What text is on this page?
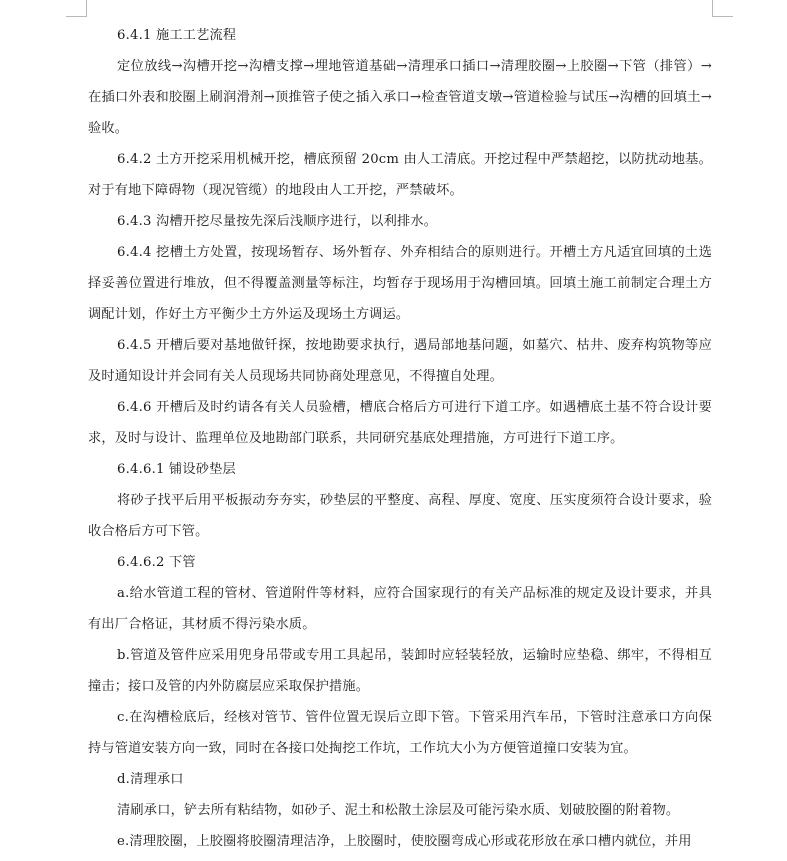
6.4.1 施工工艺流程

定位放线→沟槽开挖→沟槽支撑→埋地管道基础→清理承口插口→清理胶圈→上胶圈→下管（排管）→在插口外表和胶圈上刷润滑剂→顶推管子使之插入承口→检查管道支墩→管道检验与试压→沟槽的回填土→验收。

6.4.2 土方开挖采用机械开挖，槽底预留 20cm 由人工清底。开挖过程中严禁超挖，以防扰动地基。对于有地下障碍物（现况管缆）的地段由人工开挖，严禁破坏。

6.4.3 沟槽开挖尽量按先深后浅顺序进行，以利排水。

6.4.4 挖槽土方处置，按现场暂存、场外暂存、外弃相结合的原则进行。开槽土方凡适宜回填的土选择妥善位置进行堆放，但不得覆盖测量等标注，均暂存于现场用于沟槽回填。回填土施工前制定合理土方调配计划，作好土方平衡少土方外运及现场土方调运。

6.4.5 开槽后要对基地做钎探，按地勘要求执行，遇局部地基问题，如墓穴、枯井、废弃构筑物等应及时通知设计并会同有关人员现场共同协商处理意见，不得擅自处理。

6.4.6 开槽后及时约请各有关人员验槽，槽底合格后方可进行下道工序。如遇槽底土基不符合设计要求，及时与设计、监理单位及地勘部门联系，共同研究基底处理措施，方可进行下道工序。

6.4.6.1 铺设砂垫层

将砂子找平后用平板振动夯夯实，砂垫层的平整度、高程、厚度、宽度、压实度须符合设计要求，验收合格后方可下管。

6.4.6.2 下管

a.给水管道工程的管材、管道附件等材料，应符合国家现行的有关产品标准的规定及设计要求，并具有出厂合格证，其材质不得污染水质。

b.管道及管件应采用兜身吊带或专用工具起吊，装卸时应轻装轻放，运输时应垫稳、绑牢，不得相互撞击；接口及管的内外防腐层应采取保护措施。

c.在沟槽检底后，经核对管节、管件位置无误后立即下管。下管采用汽车吊，下管时注意承口方向保持与管道安装方向一致，同时在各接口处掏挖工作坑，工作坑大小为方便管道撞口安装为宜。

d.清理承口

清刷承口，铲去所有粘结物，如砂子、泥土和松散土涂层及可能污染水质、划破胶圈的附着物。

e.清理胶圈，上胶圈将胶圈清理洁净，上胶圈时，使胶圈弯成心形或花形放在承口槽内就位，并用
